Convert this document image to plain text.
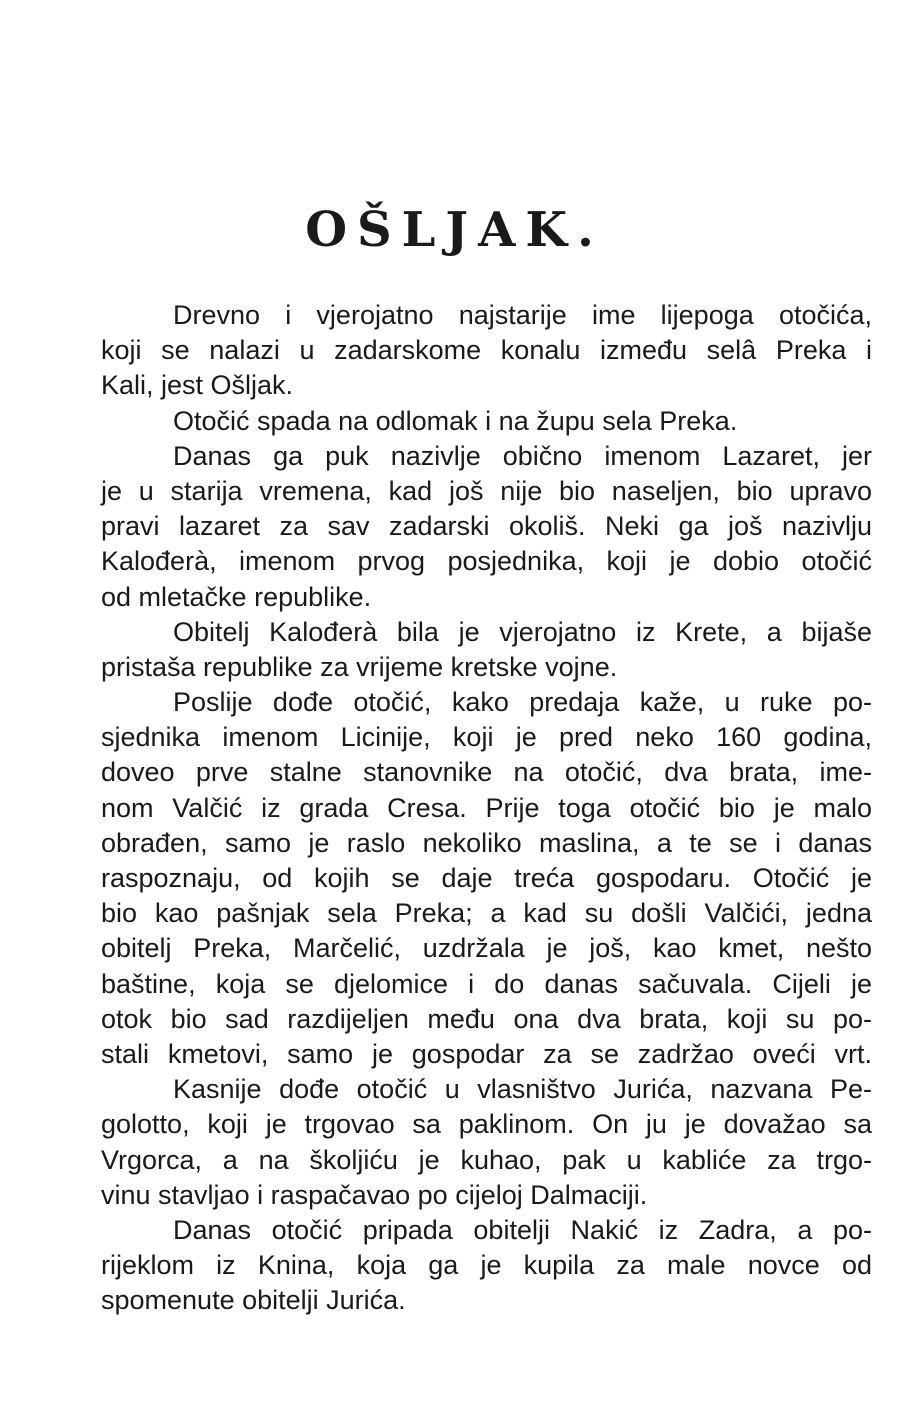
OŠLJAK.
Drevno i vjerojatno najstarije ime lijepoga otočića,
koji se nalazi u zadarskome konalu između selâ Preka i
Kali, jest Ošljak.
Otočić spada na odlomak i na župu sela Preka.
Danas ga puk nazivlje obično imenom Lazaret, jer
je u starija vremena, kad još nije bio naseljen, bio upravo
pravi lazaret za sav zadarski okoliš. Neki ga još nazivlju
Kalođerà, imenom prvog posjednika, koji je dobio otočić
od mletačke republike.
Obitelj Kalođerà bila je vjerojatno iz Krete, a bijaše
pristaša republike za vrijeme kretske vojne.
Poslije dođe otočić, kako predaja kaže, u ruke po-
sjednika imenom Licinije, koji je pred neko 160 godina,
doveo prve stalne stanovnike na otočić, dva brata, ime-
nom Valčić iz grada Cresa. Prije toga otočić bio je malo
obrađen, samo je raslo nekoliko maslina, a te se i danas
raspoznaju, od kojih se daje treća gospodaru. Otočić je
bio kao pašnjak sela Preka; a kad su došli Valčići, jedna
obitelj Preka, Marčelić, uzdržala je još, kao kmet, nešto
baštine, koja se djelomice i do danas sačuvala. Cijeli je
otok bio sad razdijeljen među ona dva brata, koji su po-
stali kmetovi, samo je gospodar za se zadržao oveći vrt.
Kasnije dođe otočić u vlasništvo Jurića, nazvana Pe-
golotto, koji je trgovao sa paklinom. On ju je dovažao sa
Vrgorca, a na školjiću je kuhao, pak u kabliće za trgo-
vinu stavljao i raspačavao po cijeloj Dalmaciji.
Danas otočić pripada obitelji Nakić iz Zadra, a po-
rijeklom iz Knina, koja ga je kupila za male novce od
spomenute obitelji Jurića.
